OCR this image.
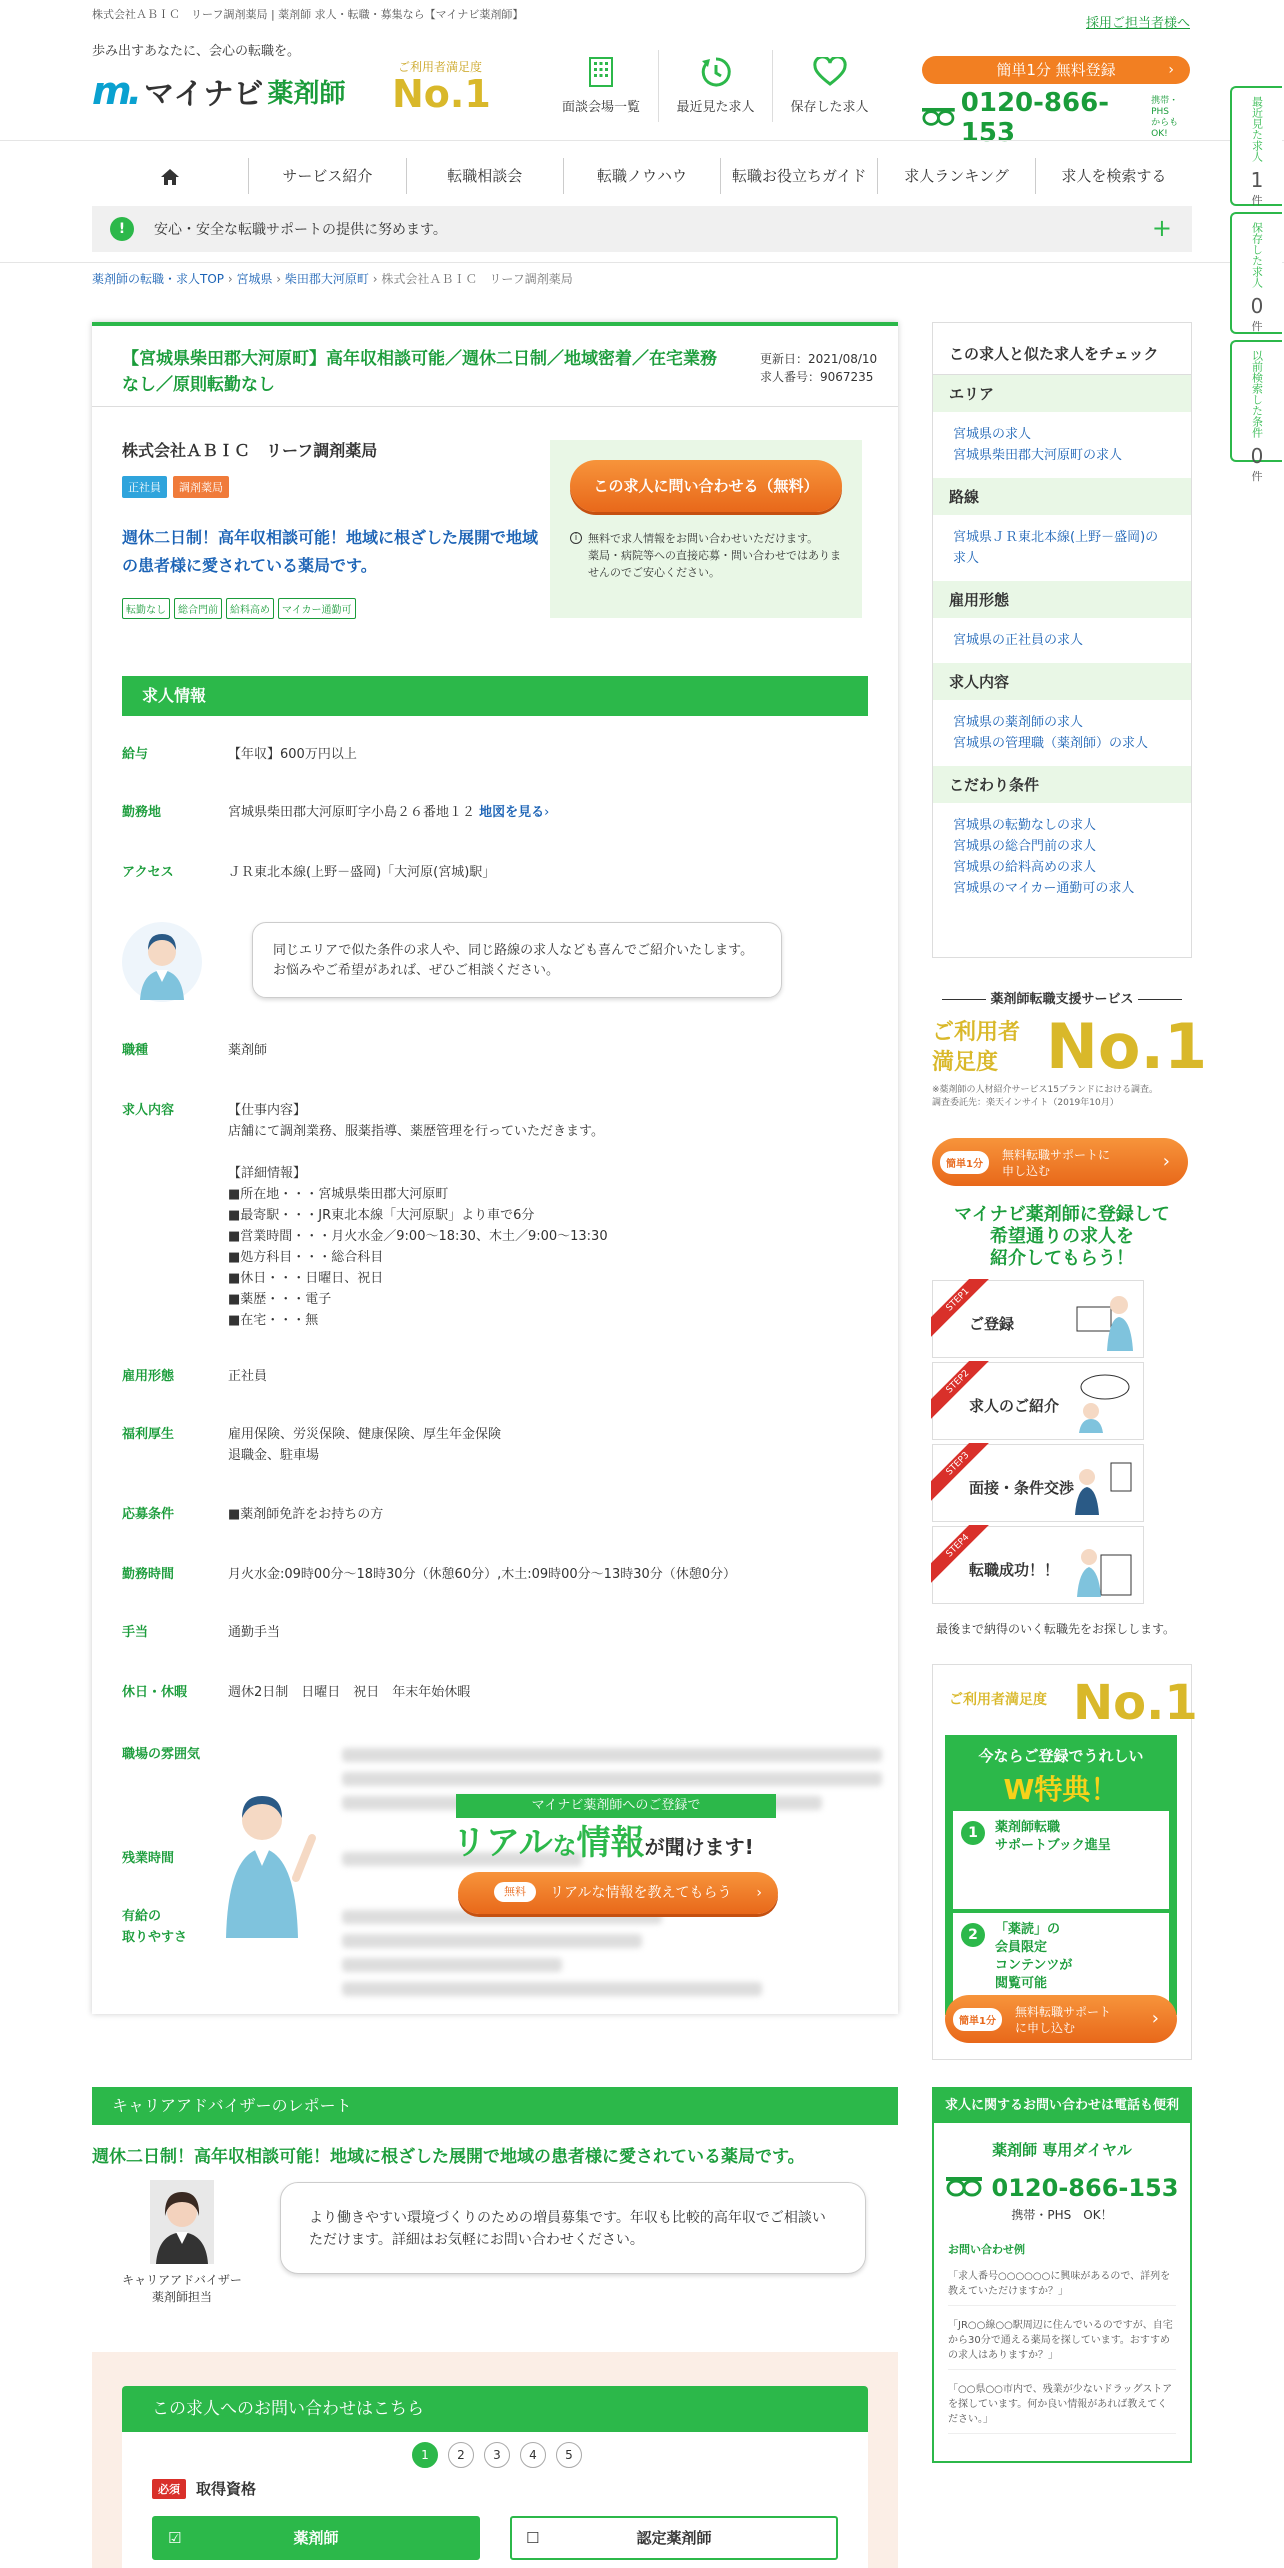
株式会社ＡＢＩＣ　リーフ調剤薬局 | 薬剤師 求人・転職・募集なら【マイナビ薬剤師】
採用ご担当者様へ
歩み出すあなたに、会心の転職を。
m. マイナビ 薬剤師
ご利用者満足度
No.1	面談会場一覧	最近見た求人	保存した求人
簡単1分 無料登録	›
0120-866-153
携帯・PHS
からもOK!
サービス紹介	転職相談会	転職ノウハウ	転職お役立ちガイド	求人ランキング	求人を検索する
!	安心・安全な転職サポートの提供に努めます。	+
薬剤師の転職・求人TOP › 宮城県 › 柴田郡大河原町 › 株式会社ＡＢＩＣ　リーフ調剤薬局
最近見た求人
1
件
保存した求人
0
件
以前検索した条件
0
件
【宮城県柴田郡大河原町】高年収相談可能／週休二日制／地域密着／在宅業務なし／原則転勤なし
更新日：2021/08/10
求人番号：9067235
株式会社ＡＢＩＣ　リーフ調剤薬局
正社員	調剤薬局
週休二日制！高年収相談可能！地域に根ざした展開で地域の患者様に愛されている薬局です。
転勤なし	総合門前	給料高め	マイカー通勤可
この求人に問い合わせる（無料）
i 無料で求人情報をお問い合わせいただけます。
薬局・病院等への直接応募・問い合わせではありませんのでご安心ください。
求人情報
給与	【年収】600万円以上
勤務地	宮城県柴田郡大河原町字小島２６番地１２ 地図を見る›
アクセス	ＪＲ東北本線(上野－盛岡)「大河原(宮城)駅」
同じエリアで似た条件の求人や、同じ路線の求人なども喜んでご紹介いたします。
お悩みやご希望があれば、ぜひご相談ください。
職種	薬剤師
求人内容	【仕事内容】
店舗にて調剤業務、服薬指導、薬歴管理を行っていただきます。

【詳細情報】
■所在地・・・宮城県柴田郡大河原町
■最寄駅・・・JR東北本線「大河原駅」より車で6分
■営業時間・・・月火水金／9:00～18:30、木土／9:00～13:30
■処方科目・・・総合科目
■休日・・・日曜日、祝日
■薬歴・・・電子
■在宅・・・無
雇用形態	正社員
福利厚生	雇用保険、労災保険、健康保険、厚生年金保険
退職金、駐車場
応募条件	■薬剤師免許をお持ちの方
勤務時間	月火水金:09時00分～18時30分（休憩60分）,木土:09時00分～13時30分（休憩0分）
手当	通勤手当
休日・休暇	週休2日制　日曜日　祝日　年末年始休暇
職場の雰囲気
残業時間
有給の
取りやすさ
マイナビ薬剤師へのご登録で
リアルな情報が聞けます!
無料	リアルな情報を教えてもらう ›
キャリアアドバイザーのレポート
週休二日制！高年収相談可能！地域に根ざした展開で地域の患者様に愛されている薬局です。
キャリアアドバイザー
薬剤師担当
より働きやすい環境づくりのための増員募集です。年収も比較的高年収でご相談いただけます。詳細はお気軽にお問い合わせください。
この求人へのお問い合わせはこちら
1	2	3	4	5
必須	取得資格
☑	薬剤師	☐	認定薬剤師
この求人と似た求人をチェック
エリア
宮城県の求人
宮城県柴田郡大河原町の求人
路線
宮城県ＪＲ東北本線(上野－盛岡)の求人
雇用形態
宮城県の正社員の求人
求人内容
宮城県の薬剤師の求人
宮城県の管理職（薬剤師）の求人
こだわり条件
宮城県の転勤なしの求人
宮城県の総合門前の求人
宮城県の給料高めの求人
宮城県のマイカー通勤可の求人
薬剤師転職支援サービス
ご利用者
満足度 No.1
※薬剤師の人材紹介サービス15ブランドにおける調査。
調査委託先：楽天インサイト（2019年10月）
簡単1分
無料転職サポートに
申し込む	›
マイナビ薬剤師に登録して
希望通りの求人を
紹介してもらう！
STEP1
ご登録
STEP2
求人のご紹介
STEP3
面接・条件交渉
STEP4
転職成功！！
最後まで納得のいく転職先をお探しします。
ご利用者満足度 No.1
今ならご登録でうれしい
W特典！
1	薬剤師転職
サポートブック進呈
2	「薬読」の
会員限定
コンテンツが
閲覧可能
簡単1分
無料転職サポート
に申し込む	›
求人に関するお問い合わせは電話も便利
薬剤師 専用ダイヤル
0120-866-153
携帯・PHS　OK！
お問い合わせ例
「求人番号○○○○○○に興味があるので、詳列を教えていただけますか？」
「JR○○線○○駅周辺に住んでいるのですが、自宅から30分で通える薬局を探しています。おすすめの求人はありますか？」
「○○県○○市内で、残業が少ないドラッグストアを探しています。何か良い情報があれば教えてください。」
